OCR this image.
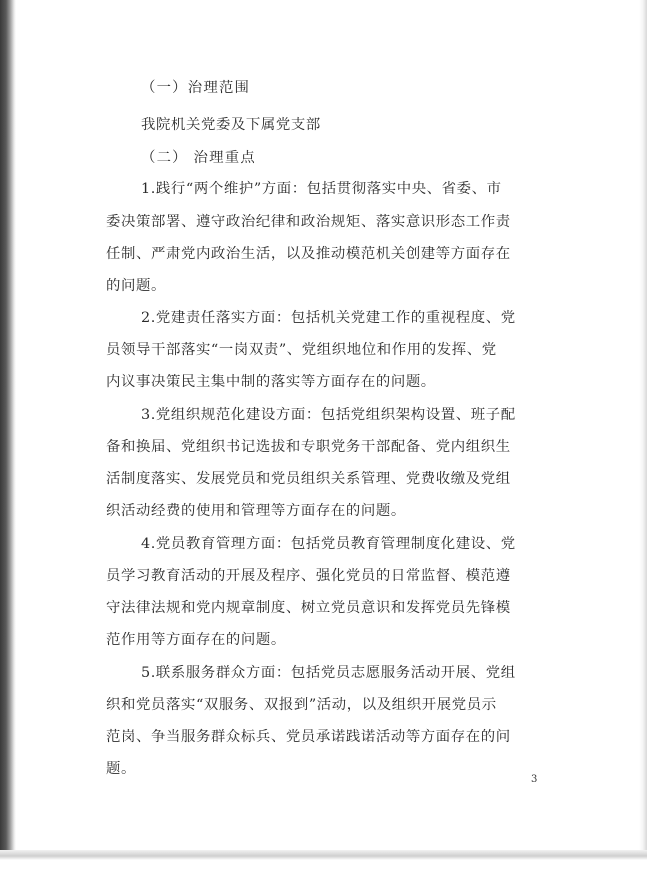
（一）治理范围
我院机关党委及下属党支部
（二） 治理重点
1.践行“两个维护”方面：包括贯彻落实中央、省委、市
委决策部署、遵守政治纪律和政治规矩、落实意识形态工作责
任制、严肃党内政治生活，以及推动模范机关创建等方面存在
的问题。
2.党建责任落实方面：包括机关党建工作的重视程度、党
员领导干部落实“一岗双责”、党组织地位和作用的发挥、党
内议事决策民主集中制的落实等方面存在的问题。
3.党组织规范化建设方面：包括党组织架构设置、班子配
备和换届、党组织书记选拔和专职党务干部配备、党内组织生
活制度落实、发展党员和党员组织关系管理、党费收缴及党组
织活动经费的使用和管理等方面存在的问题。
4.党员教育管理方面：包括党员教育管理制度化建设、党
员学习教育活动的开展及程序、强化党员的日常监督、模范遵
守法律法规和党内规章制度、树立党员意识和发挥党员先锋模
范作用等方面存在的问题。
5.联系服务群众方面：包括党员志愿服务活动开展、党组
织和党员落实“双服务、双报到”活动，以及组织开展党员示
范岗、争当服务群众标兵、党员承诺践诺活动等方面存在的问
题。
3
